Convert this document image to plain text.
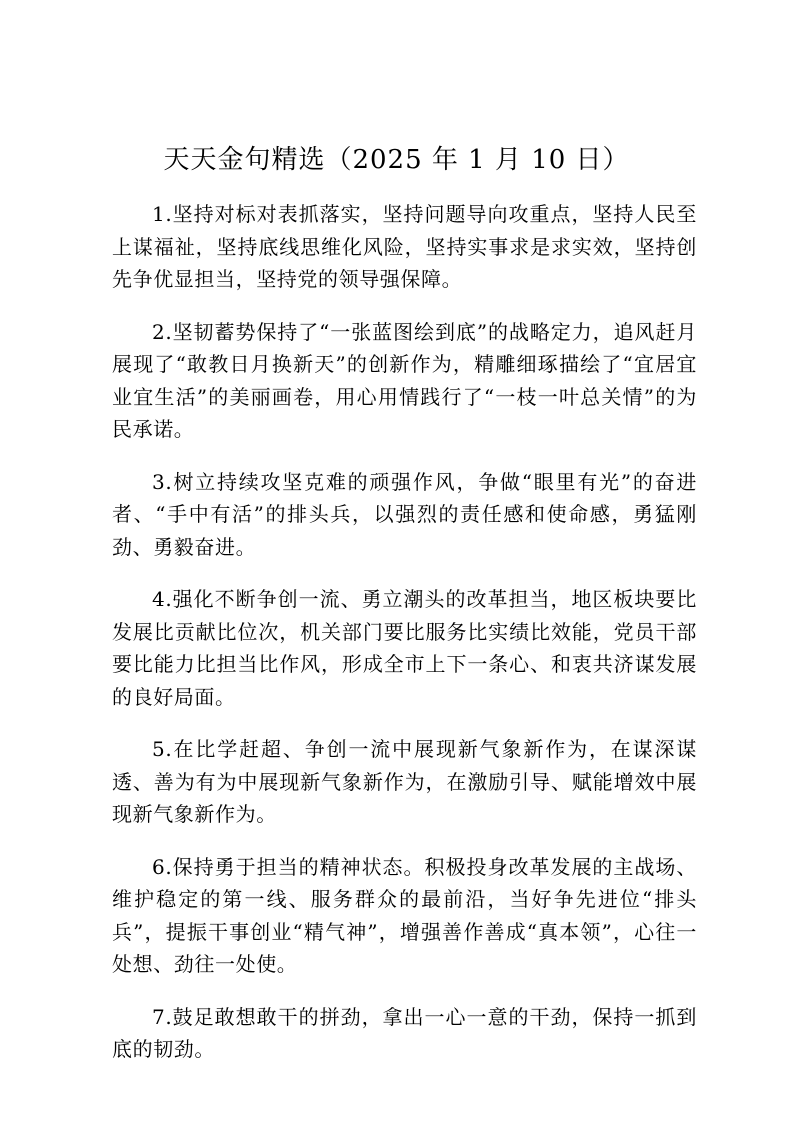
天天金句精选（2025 年 1 月 10 日）

1.坚持对标对表抓落实，坚持问题导向攻重点，坚持人民至上谋福祉，坚持底线思维化风险，坚持实事求是求实效，坚持创先争优显担当，坚持党的领导强保障。

2.坚韧蓄势保持了“一张蓝图绘到底”的战略定力，追风赶月展现了“敢教日月换新天”的创新作为，精雕细琢描绘了“宜居宜业宜生活”的美丽画卷，用心用情践行了“一枝一叶总关情”的为民承诺。

3.树立持续攻坚克难的顽强作风，争做“眼里有光”的奋进者、“手中有活”的排头兵，以强烈的责任感和使命感，勇猛刚劲、勇毅奋进。

4.强化不断争创一流、勇立潮头的改革担当，地区板块要比发展比贡献比位次，机关部门要比服务比实绩比效能，党员干部要比能力比担当比作风，形成全市上下一条心、和衷共济谋发展的良好局面。

5.在比学赶超、争创一流中展现新气象新作为，在谋深谋透、善为有为中展现新气象新作为，在激励引导、赋能增效中展现新气象新作为。

6.保持勇于担当的精神状态。积极投身改革发展的主战场、维护稳定的第一线、服务群众的最前沿，当好争先进位“排头兵”，提振干事创业“精气神”，增强善作善成“真本领”，心往一处想、劲往一处使。

7.鼓足敢想敢干的拼劲，拿出一心一意的干劲，保持一抓到底的韧劲。
